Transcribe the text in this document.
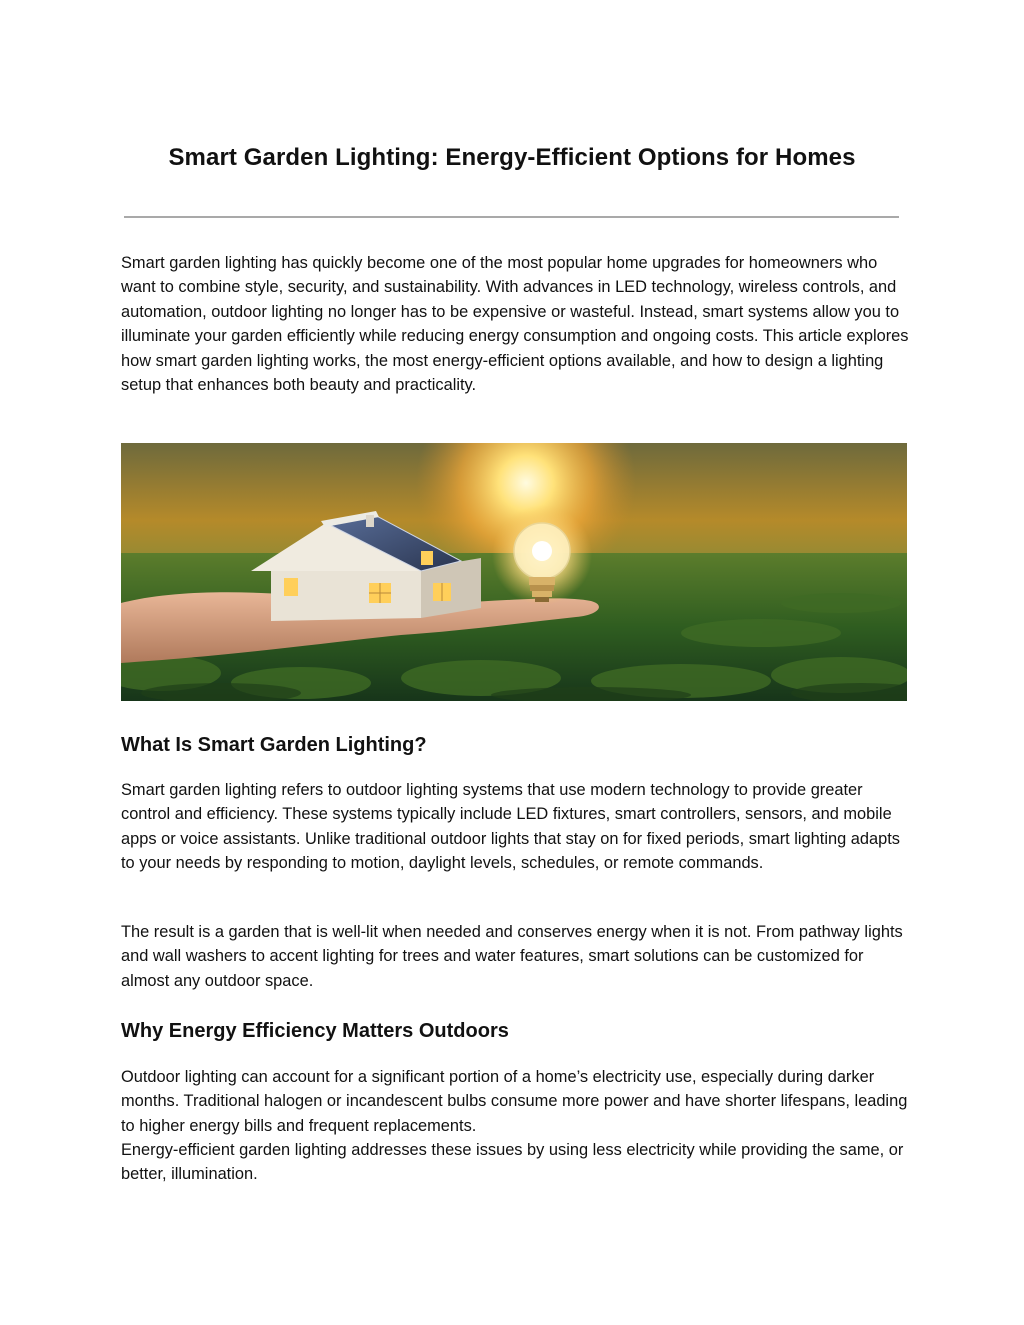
Smart Garden Lighting: Energy-Efficient Options for Homes

Smart garden lighting has quickly become one of the most popular home upgrades for homeowners who want to combine style, security, and sustainability. With advances in LED technology, wireless controls, and automation, outdoor lighting no longer has to be expensive or wasteful. Instead, smart systems allow you to illuminate your garden efficiently while reducing energy consumption and ongoing costs. This article explores how smart garden lighting works, the most energy-efficient options available, and how to design a lighting setup that enhances both beauty and practicality.

What Is Smart Garden Lighting?

Smart garden lighting refers to outdoor lighting systems that use modern technology to provide greater control and efficiency. These systems typically include LED fixtures, smart controllers, sensors, and mobile apps or voice assistants. Unlike traditional outdoor lights that stay on for fixed periods, smart lighting adapts to your needs by responding to motion, daylight levels, schedules, or remote commands.

The result is a garden that is well-lit when needed and conserves energy when it is not. From pathway lights and wall washers to accent lighting for trees and water features, smart solutions can be customized for almost any outdoor space.

Why Energy Efficiency Matters Outdoors

Outdoor lighting can account for a significant portion of a home’s electricity use, especially during darker months. Traditional halogen or incandescent bulbs consume more power and have shorter lifespans, leading to higher energy bills and frequent replacements.

Energy-efficient garden lighting addresses these issues by using less electricity while providing the same, or better, illumination.
